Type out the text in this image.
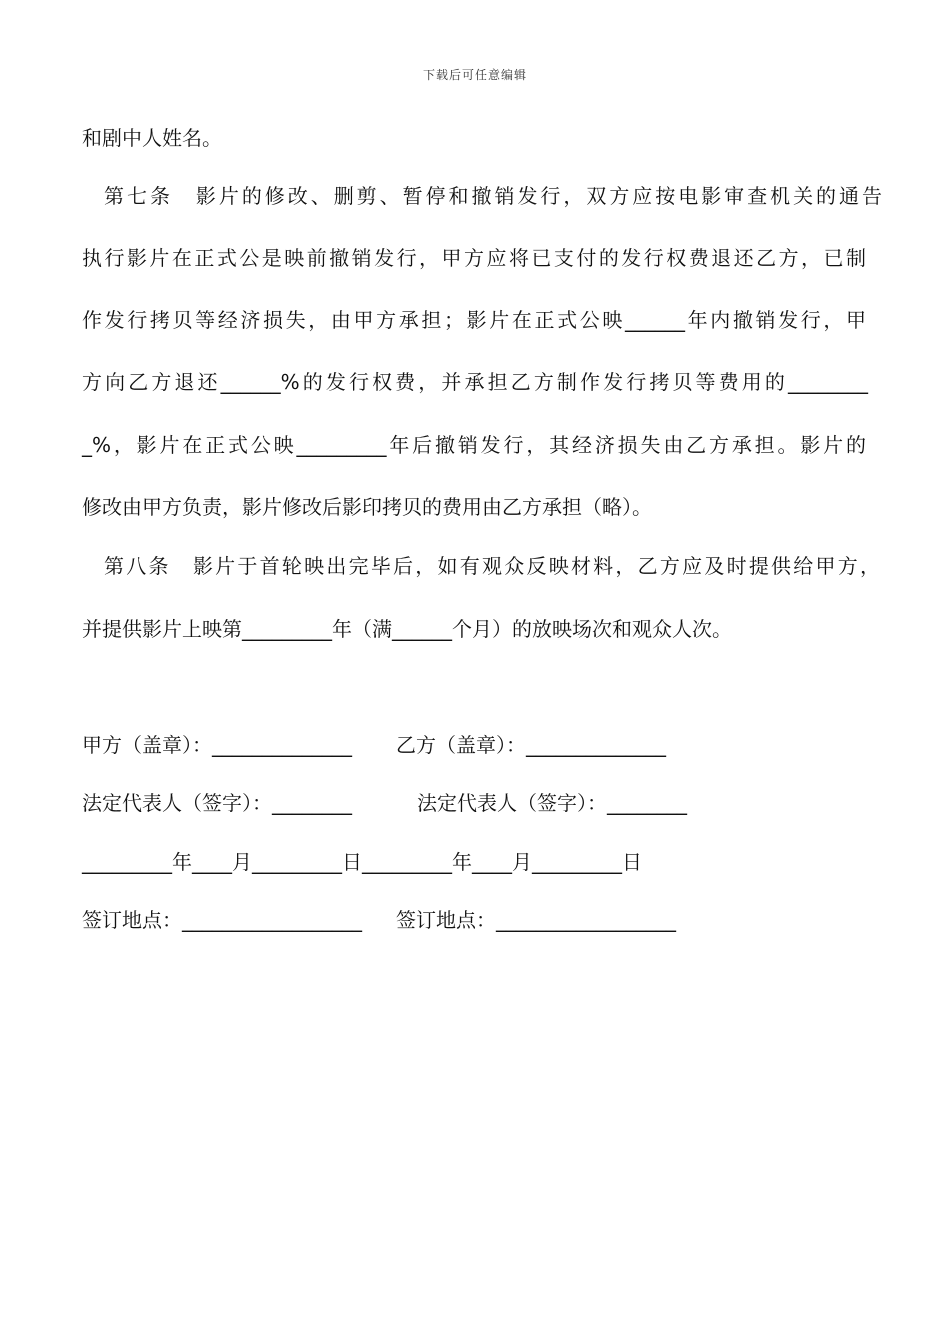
下载后可任意编辑
和剧中人姓名。
第七条　影片的修改、删剪、暂停和撤销发行，双方应按电影审查机关的通告
执行影片在正式公是映前撤销发行，甲方应将已支付的发行权费退还乙方，已制
作发行拷贝等经济损失，由甲方承担；影片在正式公映______年内撤销发行，甲
方向乙方退还______%的发行权费，并承担乙方制作发行拷贝等费用的________
_%，影片在正式公映_________年后撤销发行，其经济损失由乙方承担。影片的
修改由甲方负责，影片修改后影印拷贝的费用由乙方承担（略）。
第八条　影片于首轮映出完毕后，如有观众反映材料，乙方应及时提供给甲方，
并提供影片上映第_________年（满______个月）的放映场次和观众人次。
甲方（盖章）：______________ 乙方（盖章）：______________
法定代表人（签字）：________	法定代表人（签字）：________
_________年____月_________日_________年____月_________日
签订地点：__________________ 签订地点：__________________
